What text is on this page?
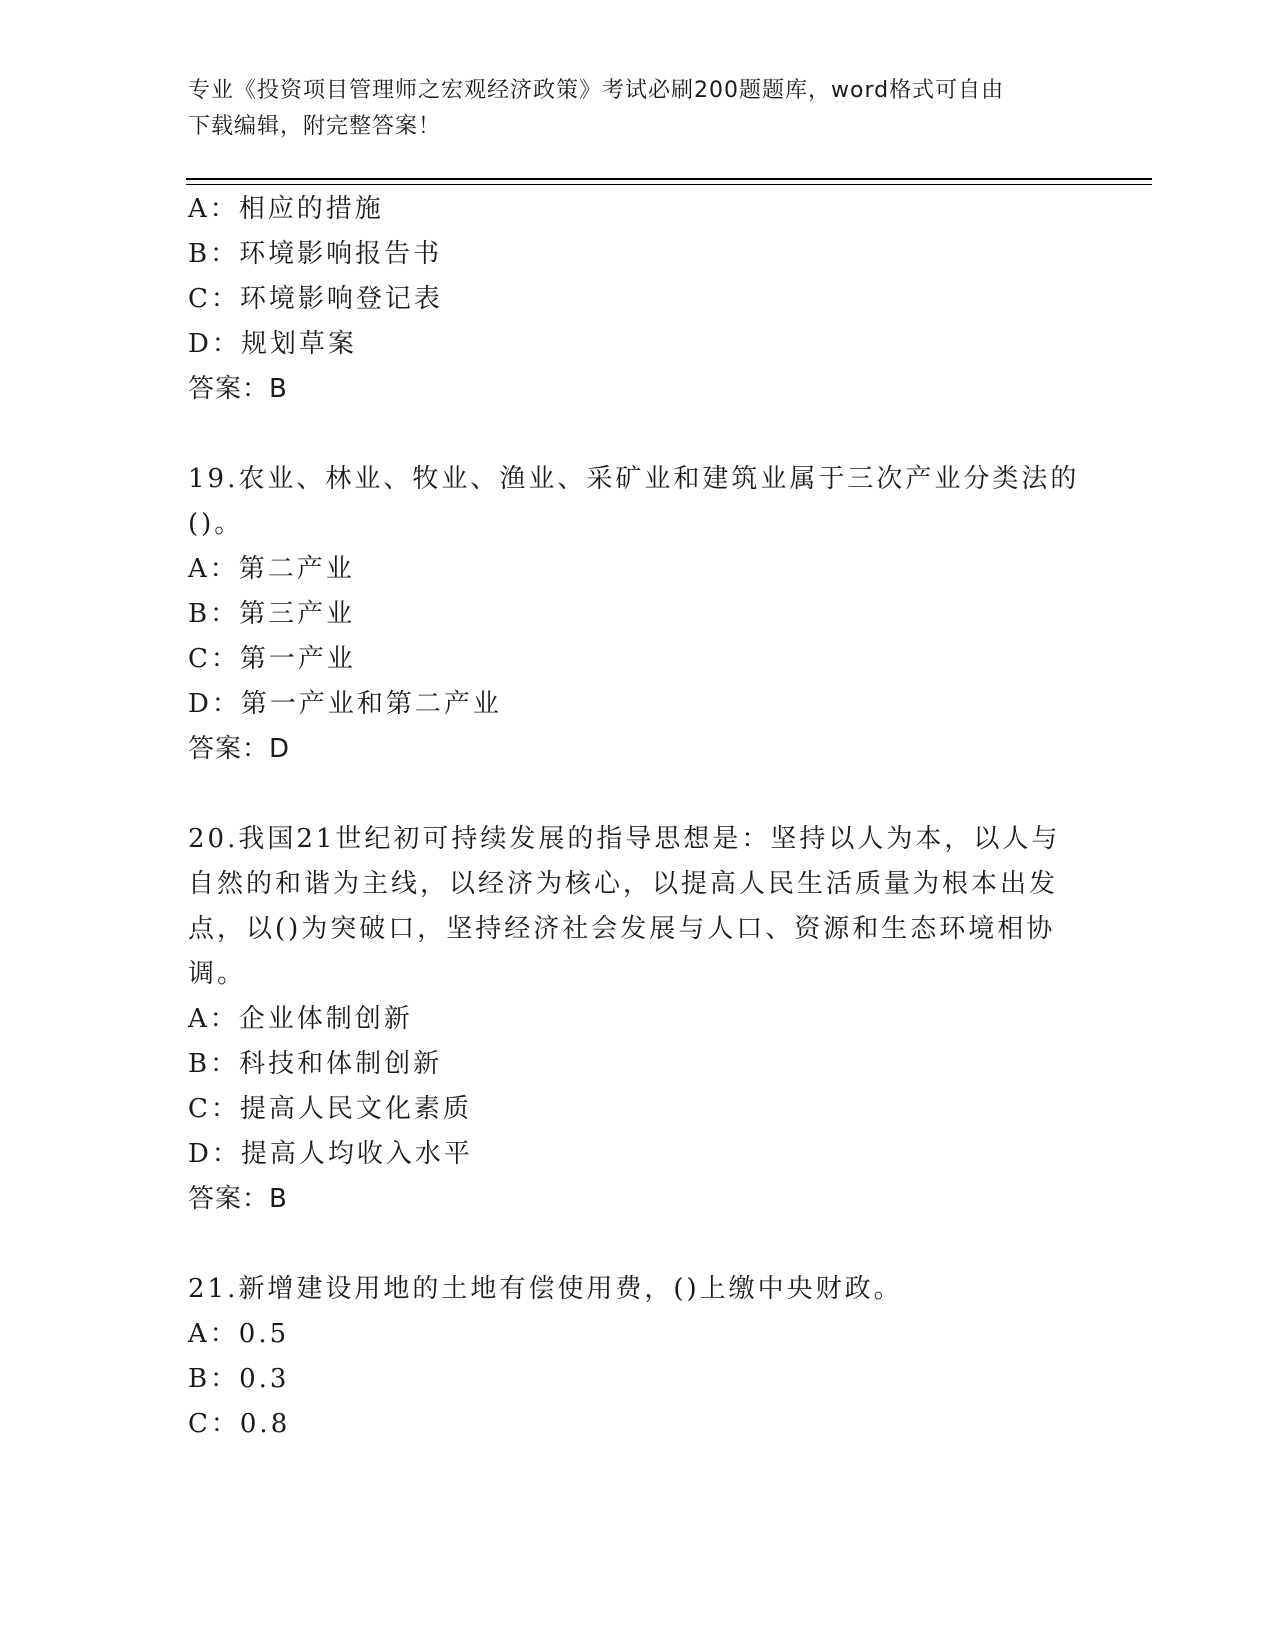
专业《投资项目管理师之宏观经济政策》考试必刷200题题库，word格式可自由
下载编辑，附完整答案！
A：相应的措施
B：环境影响报告书
C：环境影响登记表
D：规划草案
答案：B
19.农业、林业、牧业、渔业、采矿业和建筑业属于三次产业分类法的
()。
A：第二产业
B：第三产业
C：第一产业
D：第一产业和第二产业
答案：D
20.我国21世纪初可持续发展的指导思想是：坚持以人为本，以人与
自然的和谐为主线，以经济为核心，以提高人民生活质量为根本出发
点，以()为突破口，坚持经济社会发展与人口、资源和生态环境相协
调。
A：企业体制创新
B：科技和体制创新
C：提高人民文化素质
D：提高人均收入水平
答案：B
21.新增建设用地的土地有偿使用费，()上缴中央财政。
A：0.5
B：0.3
C：0.8
